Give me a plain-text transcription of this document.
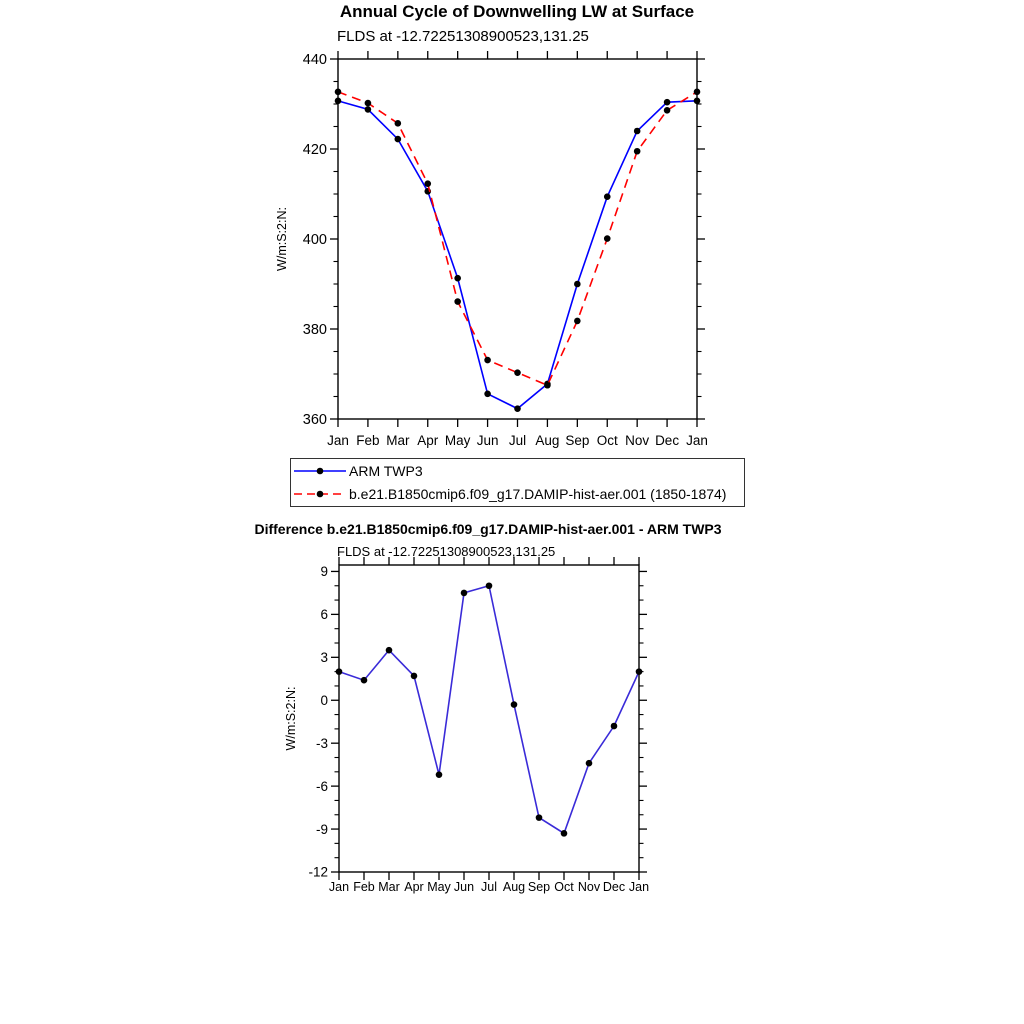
Jan Feb Mar Apr May Jun Jul Aug Sep Oct Nov Dec Jan
360
380
400
420
440
W/m:S:2:N:
Jan Feb Mar Apr May Jun Jul Aug Sep Oct Nov Dec Jan
-12
-9
-6
-3
0
3
6
9
W/m:S:2:N:
Annual Cycle of Downwelling LW at Surface
FLDS at -12.72251308900523,131.25
ARM TWP3
b.e21.B1850cmip6.f09_g17.DAMIP-hist-aer.001 (1850-1874)
Difference b.e21.B1850cmip6.f09_g17.DAMIP-hist-aer.001 - ARM TWP3
FLDS at -12.72251308900523,131.25
